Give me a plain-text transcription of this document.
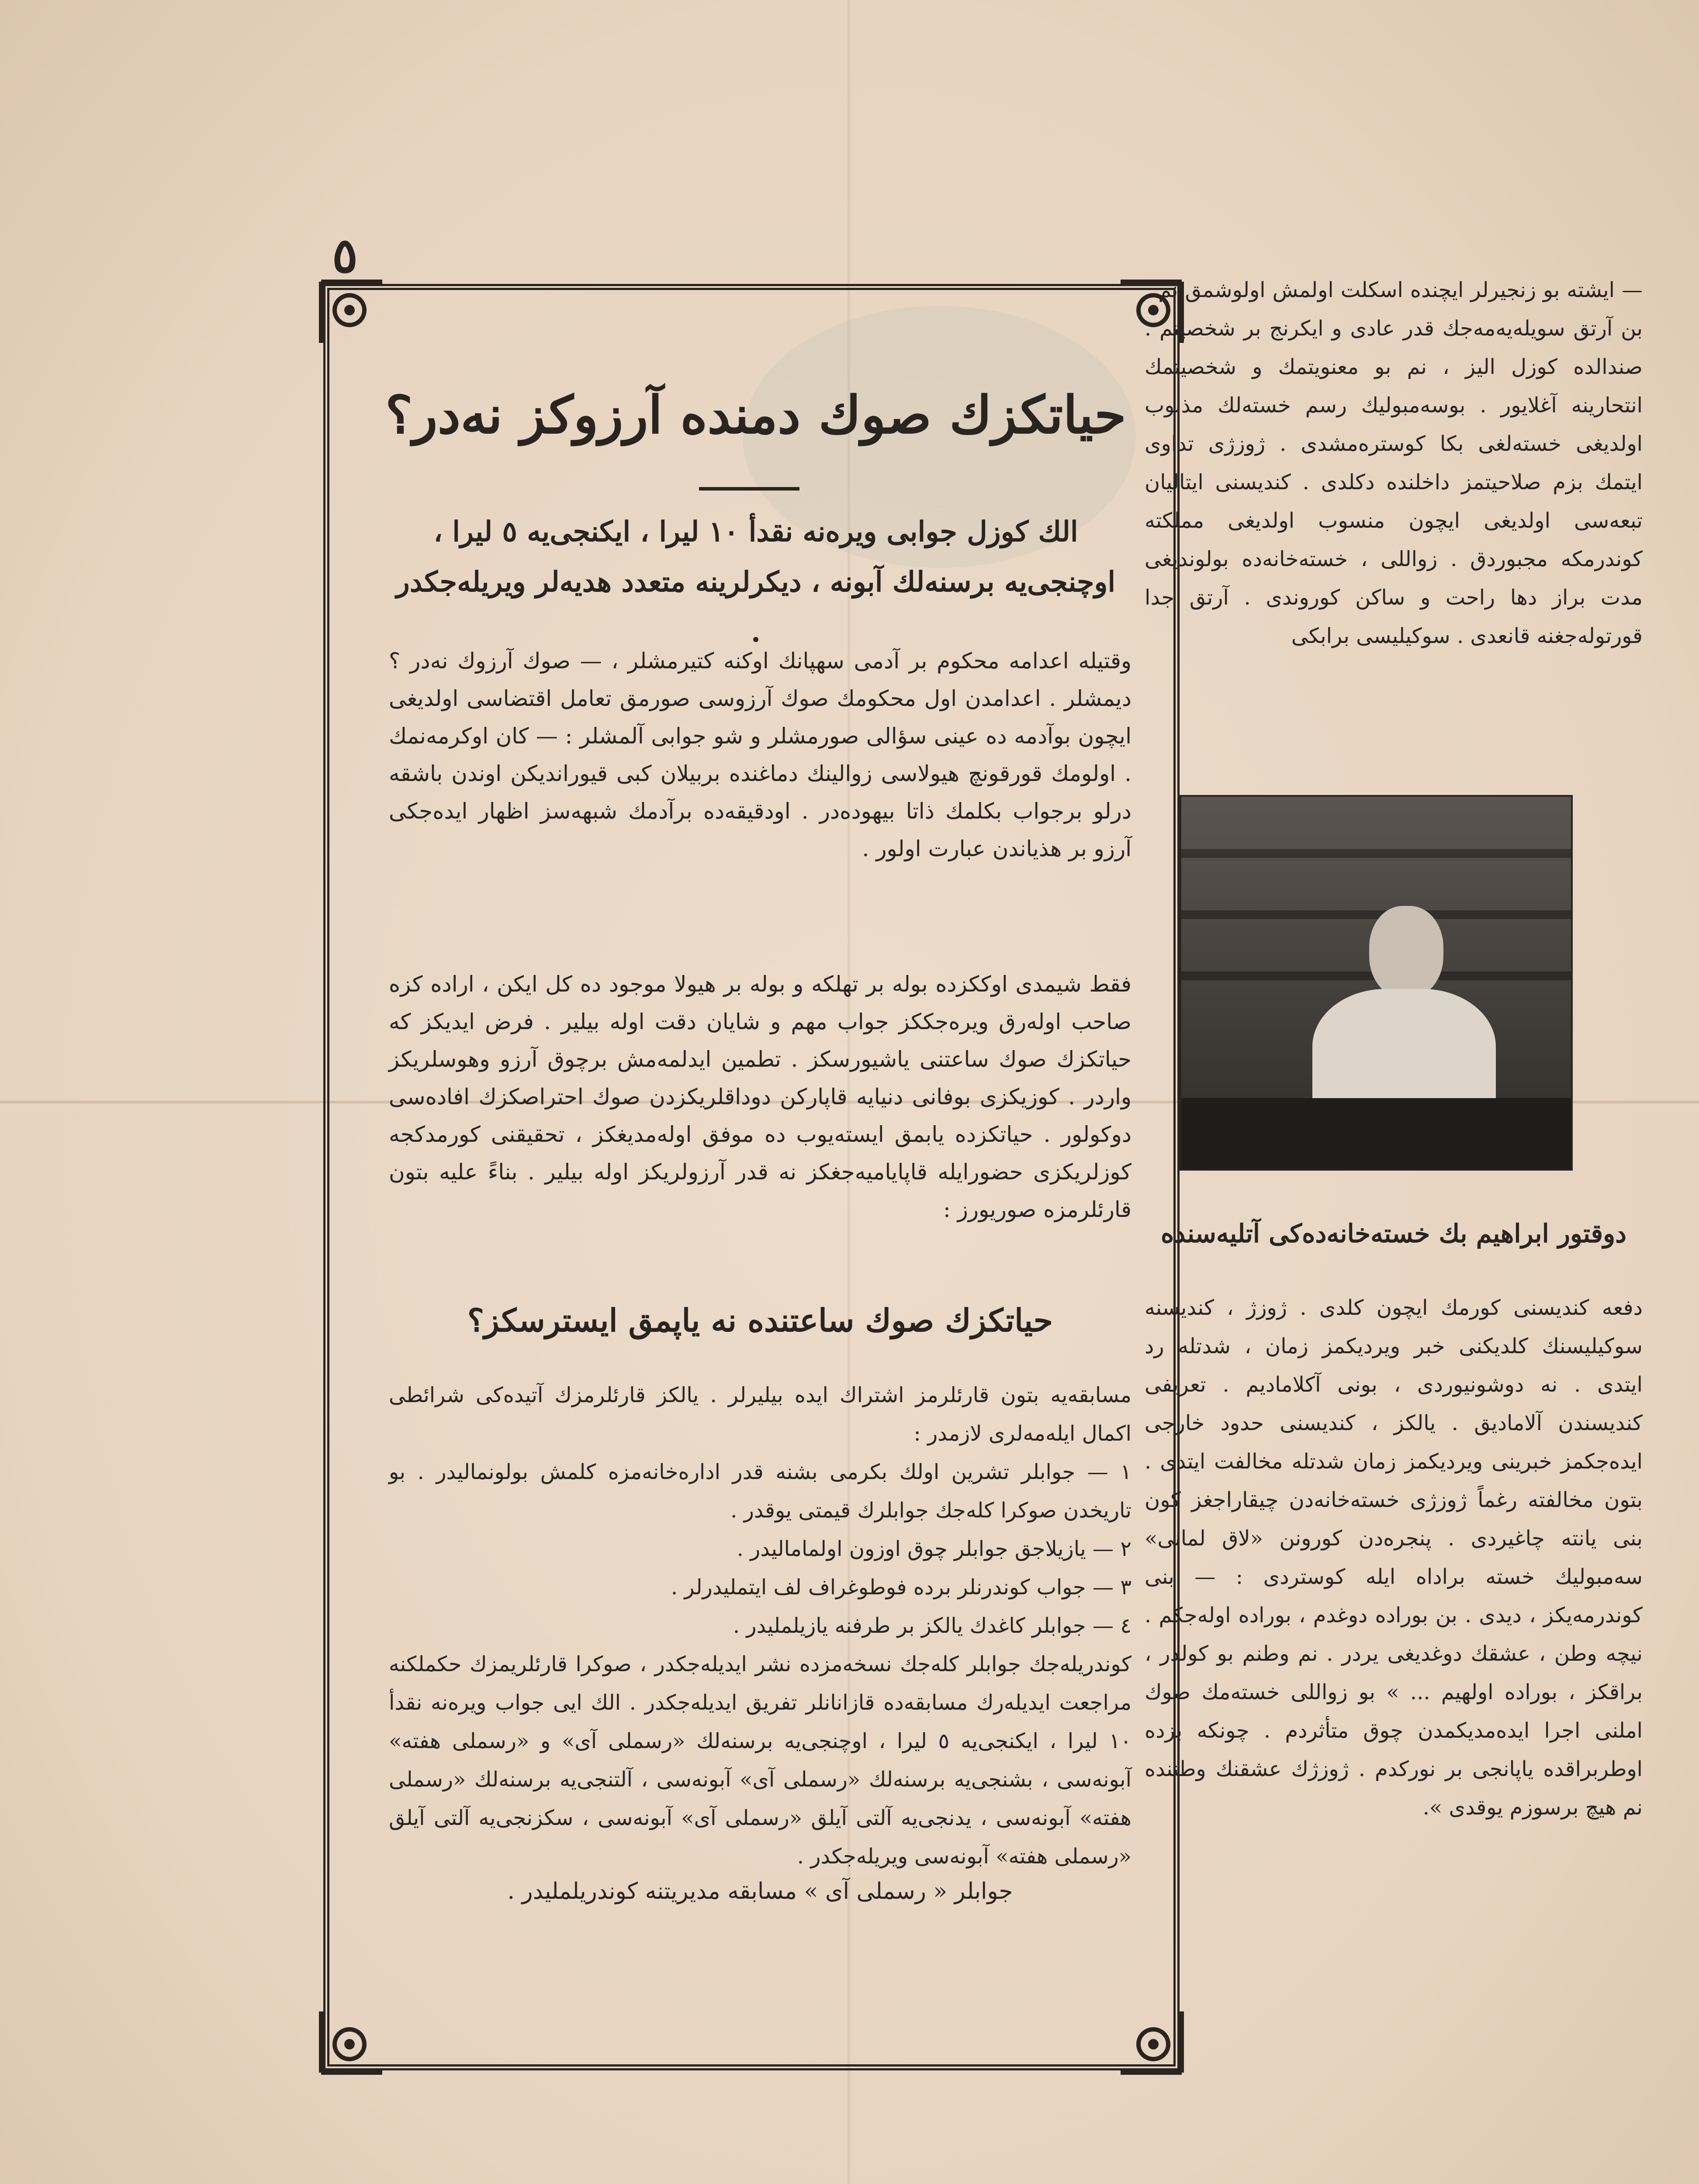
٥
حیاتکزك صوك دمنده آرزوکز نه‌در؟
الك كوزل جوابى ويره‌نه نقدأ ١٠ ليرا ، ايكنجى‌يه ٥ ليرا ، اوچنجى‌يه برسنه‌لك آبونه ، دیکرلرینه متعدد هدیه‌لر ویریله‌جکدر .
وقتيله اعدامه محكوم بر آدمى سهپانك اوكنه كتيرمشلر ، — صوك آرزوك نه‌در ؟ ديمشلر . اعدامدن اول محكومك صوك آرزوسى صورمق تعامل اقتضاسى اولديغى ايچون بوآدمه ده عينى سؤالى صورمشلر و شو جوابى آلمشلر : — كان اوكرمه‌نمك . اولومك قورقونچ هيولاسى زوالينك دماغنده بربيلان كبى قيوراندیكن اوندن باشقه درلو برجواب بكلمك ذاتا بيهوده‌در . اودقيقه‌ده برآدمك شبهه‌سز اظهار ايده‌جكى آرزو بر هذياندن عبارت اولور .
فقط شيمدى اوككزده بوله بر تهلكه و بوله بر هيولا موجود ده كل ايكن ، اراده كزه صاحب اوله‌رق ويره‌جككز جواب مهم و شايان دقت اوله بيلير . فرض ايديكز كه حياتكزك صوك ساعتنى ياشيورسكز . تطمين ايدلمه‌مش برچوق آرزو وهوسلريكز واردر . كوزيكزى بوفانى دنيايه قاپاركن دوداقلريكزدن صوك احتراصكزك افاده‌سى دوكولور . حياتكزده يابمق ايسته‌يوب ده موفق اوله‌مديغكز ، تحقيقنى كورمدكجه كوزلريكزى حضورايله قاپاياميه‌جغكز نه قدر آرزولريكز اوله بيلير . بناءً عليه بتون قارئلرمزه صوريورز :
حیاتکزك صوك ساعتنده نه یاپمق ایسترسکز؟
مسابقه‌يه بتون قارئلرمز اشتراك ايده بيليرلر . يالكز قارئلرمزك آتيده‌كى شرائطى اكمال ايله‌مه‌لرى لازمدر :
١ — جوابلر تشرين اولك بكرمى بشنه قدر اداره‌خانه‌مزه كلمش بولونمالیدر . بو تاريخدن صوكرا كله‌جك جوابلرك قيمتى يوقدر .
٢ — يازيلاجق جوابلر چوق اوزون اولمامالیدر .
٣ — جواب كوندرنلر برده فوطوغراف لف ايتمليدرلر .
٤ — جوابلر كاغدك يالكز بر طرفنه يازيلمليدر .
كوندريله‌جك جوابلر كله‌جك نسخه‌مزده نشر ايدیله‌جكدر ، صوكرا قارئلريمزك حكملكنه مراجعت ايديله‌رك مسابقه‌ده قازانانلر تفريق ايديله‌جكدر . الك ايى جواب ويره‌نه نقدأ ١٠ ليرا ، ايكنجى‌يه ٥ ليرا ، اوچنجى‌يه برسنه‌لك «رسملى آى» و «رسملى هفته» آبونه‌سى ، بشنجى‌يه برسنه‌لك «رسملى آى» آبونه‌سى ، آلتنجى‌يه برسنه‌لك «رسملى هفته» آبونه‌سى ، يدنجى‌يه آلتى آيلق «رسملى آى» آبونه‌سى ، سكزنجى‌يه آلتى آيلق «رسملى هفته» آبونه‌سى ويريله‌جكدر .
جوابلر « رسملى آى » مسابقه مديريتنه كوندريلمليدر .
— ايشته بو زنجيرلر ايچنده اسكلت اولمش اولوشمق نم . بن آرتق سويله‌يه‌مه‌جك قدر عادى و ايكرنج بر شخصيتم . صندالده كوزل اليز ، نم بو معنويتمك و شخصيتمك انتحارینه آغلايور . بوسه‌مبوليك رسم خسته‌لك مذنوب اولديغى خسته‌لغى بكا كوستره‌مشدى . ژوزژی تداوى ايتمك بزم صلاحيتمز داخلنده دكلدى . كنديسنى ايتاليان تبعه‌سى اولديغى ايچون منسوب اولديغى مملكته كوندرمكه مجبوردق . زواللى ، خسته‌خانه‌ده بولونديغى مدت براز دها راحت و ساكن كوروندى . آرتق جدا قورتوله‌جغنه قانعدى . سوكيلیسى برابكى
دوقتور ابراهيم بك خسته‌خانه‌ده‌کى آتلیه‌سنده
دفعه كنديسنى كورمك ايچون كلدى . ژوزژ ، كنديسنه سوكيليسنك كلديكنى خبر ويرديكمز زمان ، شدتله رد ايتدى . نه دوشونيوردى ، بونى آكلاماديم . تعريفى كنديسندن آلاماديق . يالكز ، كنديسنى حدود خارجى ايده‌جكمز خبرينى ويرديكمز زمان شدتله مخالفت ايتدى . بتون مخالفته رغماً ژوزژى خسته‌خانه‌دن چيقاراجغز كون بنى يانته چاغيردى . پنجره‌دن كورونن «لاق لمانى» سه‌مبوليك خسته براداه ايله كوستردى : — بنى كوندرمه‌يكز ، ديدى . بن بوراده دوغدم ، بوراده اوله‌جكم . نيچه وطن ، عشقك دوغديغى يردر . نم وطنم بو كولدر ، براقكز ، بوراده اولهيم ... » بو زواللى خسته‌مك صوك املنى اجرا ايده‌مديكمدن چوق متأثردم . چونكه بزده اوطربراقده ياپانجى بر نوركدم . ژوزژك عشقنك وطننده نم هيچ برسوزم يوقدى ».
